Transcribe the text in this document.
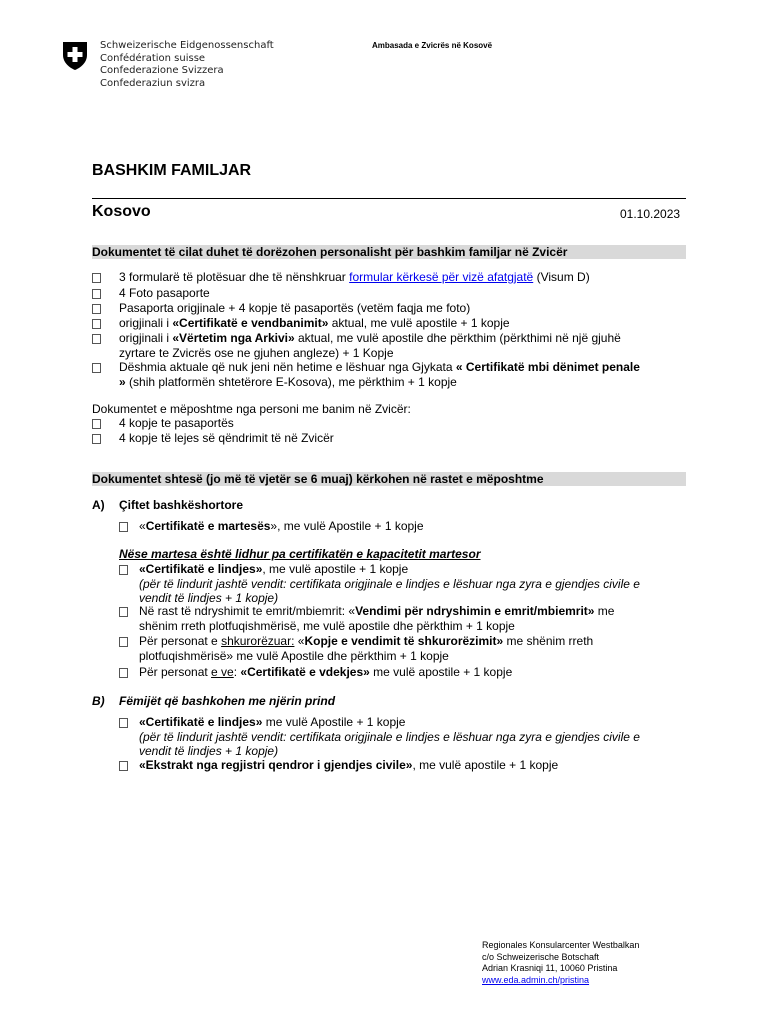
Schweizerische Eidgenossenschaft
Confédération suisse
Confederazione Svizzera
Confederaziun svizra
Ambasada e Zvicrës në Kosovë
BASHKIM FAMILJAR
Kosovo	01.10.2023
Dokumentet të cilat duhet të dorëzohen personalisht për bashkim familjar në Zvicër
3 formularë të plotësuar dhe të nënshkruar formular kërkesë për vizë afatgjatë (Visum D)
4 Foto pasaporte
Pasaporta origjinale + 4 kopje të pasaportës (vetëm faqja me foto)
origjinali i «Certifikatë e vendbanimit» aktual, me vulë apostile + 1 kopje
origjinali i «Vërtetim nga Arkivi» aktual, me vulë apostile dhe përkthim (përkthimi në një gjuhë
zyrtare te Zvicrës ose ne gjuhen angleze) + 1 Kopje
Dëshmia aktuale që nuk jeni nën hetime e lëshuar nga Gjykata « Certifikatë mbi dënimet penale
» (shih platformën shtetërore E-Kosova), me përkthim + 1 kopje
Dokumentet e mëposhtme nga personi me banim në Zvicër:
4 kopje te pasaportës
4 kopje të lejes së qëndrimit të në Zvicër
Dokumentet shtesë (jo më të vjetër se 6 muaj) kërkohen në rastet e mëposhtme
A) Çiftet bashkëshortore
«Certifikatë e martesës», me vulë Apostile + 1 kopje
Nëse martesa është lidhur pa certifikatën e kapacitetit martesor
«Certifikatë e lindjes», me vulë apostile + 1 kopje
(për të lindurit jashtë vendit: certifikata origjinale e lindjes e lëshuar nga zyra e gjendjes civile e
vendit të lindjes + 1 kopje)
Në rast të ndryshimit te emrit/mbiemrit: «Vendimi për ndryshimin e emrit/mbiemrit» me
shënim rreth plotfuqishmërisë, me vulë apostile dhe përkthim + 1 kopje
Për personat e shkurorëzuar: «Kopje e vendimit të shkurorëzimit» me shënim rreth
plotfuqishmërisë» me vulë Apostile dhe përkthim + 1 kopje
Për personat e ve: «Certifikatë e vdekjes» me vulë apostile + 1 kopje
B) Fëmijët që bashkohen me njërin prind
«Certifikatë e lindjes» me vulë Apostile + 1 kopje
(për të lindurit jashtë vendit: certifikata origjinale e lindjes e lëshuar nga zyra e gjendjes civile e
vendit të lindjes + 1 kopje)
«Ekstrakt nga regjistri qendror i gjendjes civile», me vulë apostile + 1 kopje
Regionales Konsularcenter Westbalkan
c/o Schweizerische Botschaft
Adrian Krasniqi 11, 10060 Pristina
www.eda.admin.ch/pristina
